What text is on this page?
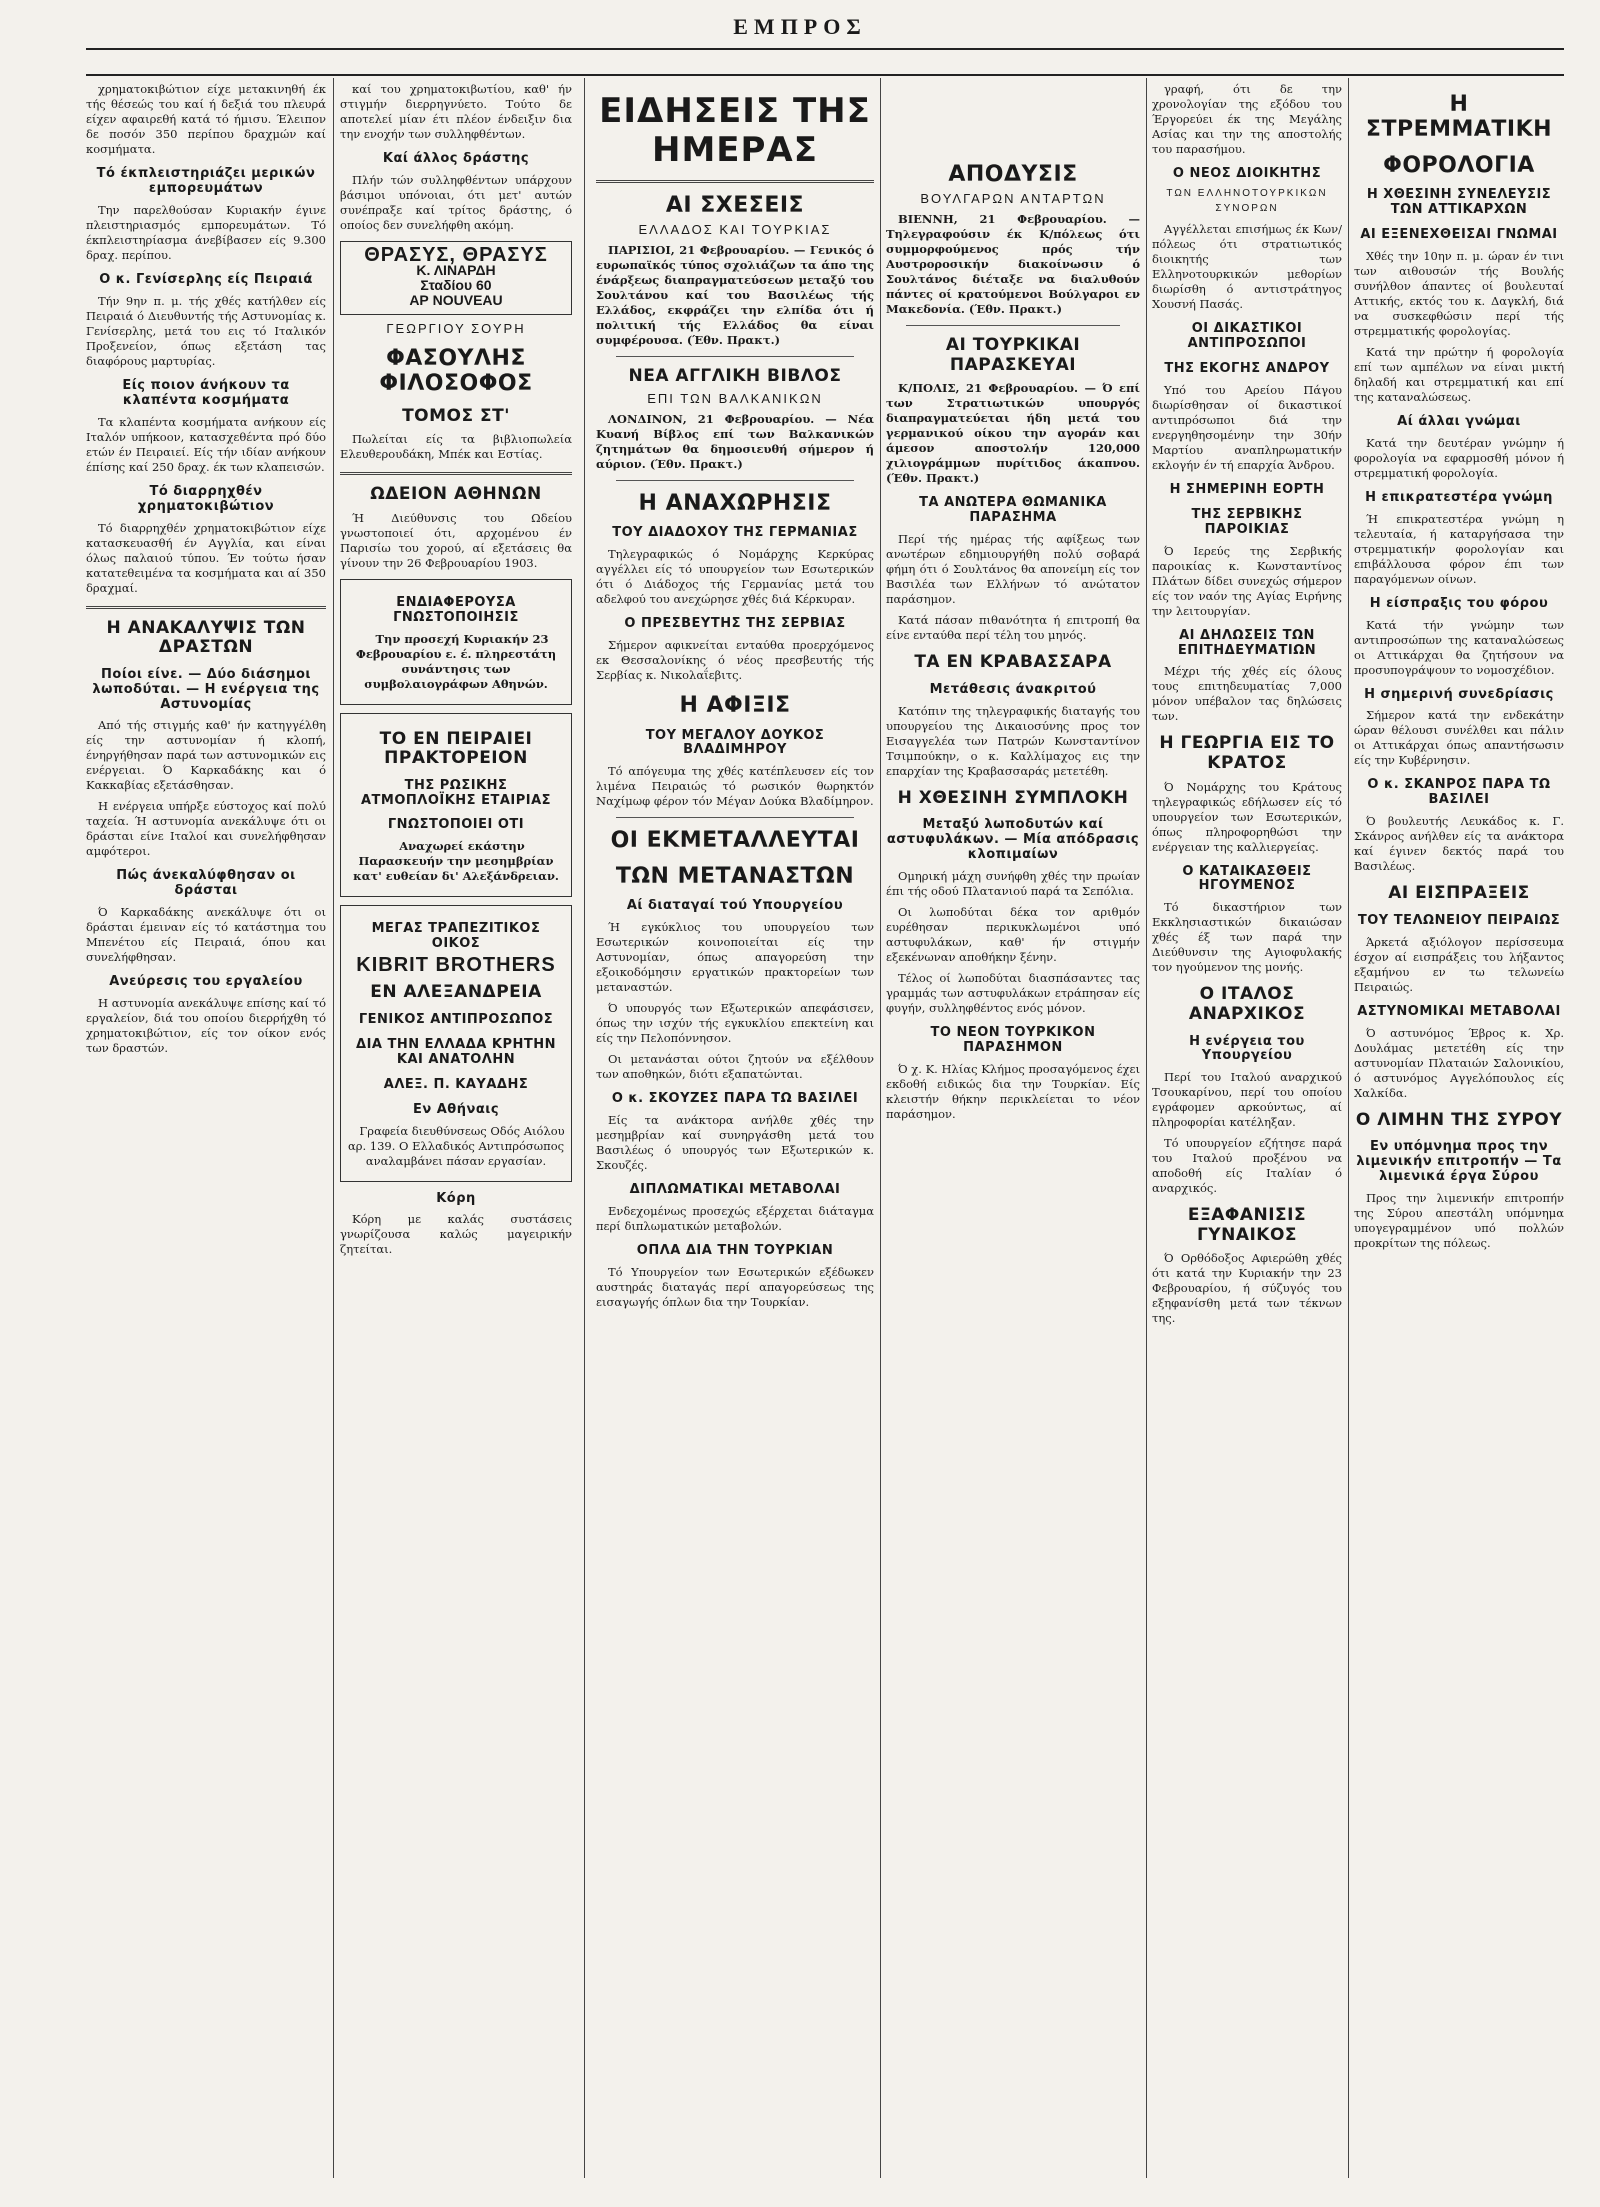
ΕΜΠΡΟΣ

χρηματοκιβώτιον είχε μετακινηθή έκ τής θέσεώς του καί ή δεξιά του πλευρά είχεν αφαιρεθή κατά τό ήμισυ. Έλειπον δε ποσόν 350 περίπου δραχμών καί κοσμήματα.

Τό έκπλειστηριάζει μερικών εμπορευμάτων

Την παρελθούσαν Κυριακήν έγινε πλειστηριασμός εμπορευμάτων. Τό έκπλειστηρίασμα άνεβίβασεν είς 9.300 δραχ. περίπου.

Ο κ. Γενίσερλης είς Πειραιά

Τήν 9ην π. μ. τής χθές κατήλθεν είς Πειραιά ό Διευθυντής τής Αστυνομίας κ. Γενίσερλης, μετά του εις τό Ιταλικόν Προξενείον, όπως εξετάση τας διαφόρους μαρτυρίας.

Είς ποιον άνήκουν τα κλαπέντα κοσμήματα

Τα κλαπέντα κοσμήματα ανήκουν είς Ιταλόν υπήκοον, κατασχεθέντα πρό δύο ετών έν Πειραιεί. Είς τήν ιδίαν ανήκουν έπίσης καί 250 δραχ. έκ των κλαπεισών.

Τό διαρρηχθέν χρηματοκιβώτιον

Τό διαρρηχθέν χρηματοκιβώτιον είχε κατασκευασθή έν Αγγλία, και είναι όλως παλαιού τύπου. Έν τούτω ήσαν κατατεθειμένα τα κοσμήματα και αί 350 δραχμαί.

Η ΑΝΑΚΑΛΥΨΙΣ ΤΩΝ ΔΡΑΣΤΩΝ
Ποίοι είνε. — Δύο διάσημοι λωποδύται. — Η ενέργεια της Αστυνομίας

Από τής στιγμής καθ' ήν κατηγγέλθη είς την αστυνομίαν ή κλοπή, ένηργήθησαν παρά των αστυνομικών εις ενέργειαι. Ό Καρκαδάκης και ό Κακκαβίας εξετάσθησαν.

Η ενέργεια υπήρξε εύστοχος καί πολύ ταχεία. Ή αστυνομία ανεκάλυψε ότι οι δράσται είνε Ιταλοί και συνελήφθησαν αμφότεροι.

Πώς άνεκαλύφθησαν οι δράσται

Ό Καρκαδάκης ανεκάλυψε ότι οι δράσται έμειναν είς τό κατάστημα του Μπενέτου είς Πειραιά, όπου και συνελήφθησαν.

Ανεύρεσις του εργαλείου

Η αστυνομία ανεκάλυψε επίσης καί τό εργαλείον, διά του οποίου διερρήχθη τό χρηματοκιβώτιον, είς τον οίκον ενός των δραστών.

καί του χρηματοκιβωτίου, καθ' ήν στιγμήν διερρηγνύετο. Τούτο δε αποτελεί μίαν έτι πλέον ένδειξιν δια την ενοχήν των συλληφθέντων.

Καί άλλος δράστης

Πλήν τών συλληφθέντων υπάρχουν βάσιμοι υπόνοιαι, ότι μετ' αυτών συνέπραξε καί τρίτος δράστης, ό οποίος δεν συνελήφθη ακόμη.

ΘΡΑΣΥΣ, ΘΡΑΣΥΣ
Κ. ΛΙΝΑΡΔΗ
Σταδίου 60
ΑΡ NOUVEAU
ΓΕΩΡΓΙΟΥ ΣΟΥΡΗ
ΦΑΣΟΥΛΗΣ ΦΙΛΟΣΟΦΟΣ
ΤΟΜΟΣ ΣΤ'

Πωλείται είς τα βιβλιοπωλεία Ελευθερουδάκη, Μπέκ και Εστίας.

ΩΔΕΙΟΝ ΑΘΗΝΩΝ

Ή Διεύθυνσις του Ωδείου γνωστοποιεί ότι, αρχομένου έν Παρισίω του χορού, αί εξετάσεις θα γίνουν την 26 Φεβρουαρίου 1903.

ΕΝΔΙΑΦΕΡΟΥΣΑ ΓΝΩΣΤΟΠΟΙΗΣΙΣ

Την προσεχή Κυριακήν 23 Φεβρουαρίου ε. έ. πληρεστάτη συνάντησις των συμβολαιογράφων Αθηνών.

ΤΟ ΕΝ ΠΕΙΡΑΙΕΙ ΠΡΑΚΤΟΡΕΙΟΝ
ΤΗΣ ΡΩΣΙΚΗΣ ΑΤΜΟΠΛΟΪΚΗΣ ΕΤΑΙΡΙΑΣ
ΓΝΩΣΤΟΠΟΙΕΙ ΟΤΙ

Αναχωρεί εκάστην Παρασκευήν την μεσημβρίαν κατ' ευθείαν δι' Αλεξάνδρειαν.

ΜΕΓΑΣ ΤΡΑΠΕΖΙΤΙΚΟΣ ΟΙΚΟΣ
KIBRIT BROTHERS
ΕΝ ΑΛΕΞΑΝΔΡΕΙΑ
ΓΕΝΙΚΟΣ ΑΝΤΙΠΡΟΣΩΠΟΣ
ΔΙΑ ΤΗΝ ΕΛΛΑΔΑ ΚΡΗΤΗΝ ΚΑΙ ΑΝΑΤΟΛΗΝ
ΑΛΕΞ. Π. ΚΑΥΑΔΗΣ
Εν Αθήναις

Γραφεία διευθύνσεως Οδός Αιόλου αρ. 139. Ο Ελλαδικός Αντιπρόσωπος αναλαμβάνει πάσαν εργασίαν.

Κόρη

Κόρη με καλάς συστάσεις γνωρίζουσα καλώς μαγειρικήν ζητείται.

ΕΙΔΗΣΕΙΣ ΤΗΣ ΗΜΕΡΑΣ
ΑΙ ΣΧΕΣΕΙΣ
ΕΛΛΑΔΟΣ ΚΑΙ ΤΟΥΡΚΙΑΣ

ΠΑΡΙΣΙΟΙ, 21 Φεβρουαρίου. — Γενικός ό ευρωπαϊκός τύπος σχολιάζων τα άπο της ένάρξεως διαπραγματεύσεων μεταξύ του Σουλτάνου καί του Βασιλέως τής Ελλάδος, εκφράζει την ελπίδα ότι ή πολιτική τής Ελλάδος θα είναι συμφέρουσα. (Έθν. Πρακτ.)

ΝΕΑ ΑΓΓΛΙΚΗ ΒΙΒΛΟΣ
ΕΠΙ ΤΩΝ ΒΑΛΚΑΝΙΚΩΝ

ΛΟΝΔΙΝΟΝ, 21 Φεβρουαρίου. — Νέα Κυανή Βίβλος επί των Βαλκανικών ζητημάτων θα δημοσιευθή σήμερον ή αύριον. (Έθν. Πρακτ.)

Η ΑΝΑΧΩΡΗΣΙΣ
ΤΟΥ ΔΙΑΔΟΧΟΥ ΤΗΣ ΓΕΡΜΑΝΙΑΣ

Τηλεγραφικώς ό Νομάρχης Κερκύρας αγγέλλει είς τό υπουργείον των Εσωτερικών ότι ό Διάδοχος τής Γερμανίας μετά του αδελφού του ανεχώρησε χθές διά Κέρκυραν.

Ο ΠΡΕΣΒΕΥΤΗΣ ΤΗΣ ΣΕΡΒΙΑΣ

Σήμερον αφικνείται ενταύθα προερχόμενος εκ Θεσσαλονίκης ό νέος πρεσβευτής τής Σερβίας κ. Νικολαΐεβιτς.

Η ΑΦΙΞΙΣ
ΤΟΥ ΜΕΓΑΛΟΥ ΔΟΥΚΟΣ ΒΛΑΔΙΜΗΡΟΥ

Τό απόγευμα της χθές κατέπλευσεν είς τον λιμένα Πειραιώς τό ρωσικόν θωρηκτόν Ναχίμωφ φέρον τόν Μέγαν Δούκα Βλαδίμηρον.

ΟΙ ΕΚΜΕΤΑΛΛΕΥΤΑΙ
ΤΩΝ ΜΕΤΑΝΑΣΤΩΝ
Αί διαταγαί τού Υπουργείου

Ή εγκύκλιος του υπουργείου των Εσωτερικών κοινοποιείται είς την Αστυνομίαν, όπως απαγορεύση την εξοικοδόμησιν εργατικών πρακτορείων των μεταναστών.

Ό υπουργός των Εξωτερικών απεφάσισεν, όπως την ισχύν τής εγκυκλίου επεκτείνη και είς την Πελοπόννησον.

Οι μετανάσται ούτοι ζητούν να εξέλθουν των αποθηκών, διότι εξαπατώνται.

Ο κ. ΣΚΟΥΖΕΣ ΠΑΡΑ ΤΩ ΒΑΣΙΛΕΙ

Είς τα ανάκτορα ανήλθε χθές την μεσημβρίαν καί συνηργάσθη μετά του Βασιλέως ό υπουργός των Εξωτερικών κ. Σκουζές.

ΔΙΠΛΩΜΑΤΙΚΑΙ ΜΕΤΑΒΟΛΑΙ

Ενδεχομένως προσεχώς εξέρχεται διάταγμα περί διπλωματικών μεταβολών.

ΟΠΛΑ ΔΙΑ ΤΗΝ ΤΟΥΡΚΙΑΝ

Τό Υπουργείον των Εσωτερικών εξέδωκεν αυστηράς διαταγάς περί απαγορεύσεως της εισαγωγής όπλων δια την Τουρκίαν.

ΑΠΟΔΥΣΙΣ
ΒΟΥΛΓΑΡΩΝ ΑΝΤΑΡΤΩΝ

ΒΙΕΝΝΗ, 21 Φεβρουαρίου. — Τηλεγραφούσιν έκ Κ/πόλεως ότι συμμορφούμενος πρός τήν Αυστροροσικήν διακοίνωσιν ό Σουλτάνος διέταξε να διαλυθούν πάντες οί κρατούμενοι Βούλγαροι εν Μακεδονία. (Έθν. Πρακτ.)

ΑΙ ΤΟΥΡΚΙΚΑΙ ΠΑΡΑΣΚΕΥΑΙ

Κ/ΠΟΛΙΣ, 21 Φεβρουαρίου. — Ό επί των Στρατιωτικών υπουργός διαπραγματεύεται ήδη μετά του γερμανικού οίκου την αγοράν και άμεσον αποστολήν 120,000 χιλιογράμμων πυρίτιδος άκαπνου. (Έθν. Πρακτ.)

ΤΑ ΑΝΩΤΕΡΑ ΘΩΜΑΝΙΚΑ ΠΑΡΑΣΗΜΑ

Περί τής ημέρας τής αφίξεως των ανωτέρων εδημιουργήθη πολύ σοβαρά φήμη ότι ό Σουλτάνος θα απονείμη είς τον Βασιλέα των Ελλήνων τό ανώτατον παράσημον.

Κατά πάσαν πιθανότητα ή επιτροπή θα είνε ενταύθα περί τέλη του μηνός.

ΤΑ ΕΝ ΚΡΑΒΑΣΣΑΡΑ
Μετάθεσις άνακριτού

Κατόπιν της τηλεγραφικής διαταγής του υπουργείου της Δικαιοσύνης προς τον Εισαγγελέα των Πατρών Κωνσταντίνον Τσιμπούκην, ο κ. Καλλίμαχος εις την επαρχίαν της Κραβασσαράς μετετέθη.

Η ΧΘΕΣΙΝΗ ΣΥΜΠΛΟΚΗ
Μεταξύ λωποδυτών καί αστυφυλάκων. — Μία απόδρασις κλοπιμαίων

Ομηρική μάχη συνήφθη χθές την πρωίαν έπι τής οδού Πλατανιού παρά τα Σεπόλια.

Οι λωποδύται δέκα τον αριθμόν ευρέθησαν περικυκλωμένοι υπό αστυφυλάκων, καθ' ήν στιγμήν εξεκένωναν αποθήκην ξένην.

Τέλος οί λωποδύται διασπάσαντες τας γραμμάς των αστυφυλάκων ετράπησαν είς φυγήν, συλληφθέντος ενός μόνον.

ΤΟ ΝΕΟΝ ΤΟΥΡΚΙΚΟΝ ΠΑΡΑΣΗΜΟΝ

Ό χ. Κ. Ηλίας Κλήμος προσαγόμενος έχει εκδοθή ειδικώς δια την Τουρκίαν. Είς κλειστήν θήκην περικλείεται το νέον παράσημον.

γραφή, ότι δε την χρονολογίαν της εξόδου του Έργορεύει έκ της Μεγάλης Ασίας και την της αποστολής του παρασήμου.

Ο ΝΕΟΣ ΔΙΟΙΚΗΤΗΣ
ΤΩΝ ΕΛΛΗΝΟΤΟΥΡΚΙΚΩΝ ΣΥΝΟΡΩΝ

Αγγέλλεται επισήμως έκ Κων/πόλεως ότι στρατιωτικός διοικητής των Ελληνοτουρκικών μεθορίων διωρίσθη ό αντιστράτηγος Χουσνή Πασάς.

ΟΙ ΔΙΚΑΣΤΙΚΟΙ ΑΝΤΙΠΡΟΣΩΠΟΙ
ΤΗΣ ΕΚΟΓΗΣ ΑΝΔΡΟΥ

Υπό του Αρείου Πάγου διωρίσθησαν οί δικαστικοί αντιπρόσωποι διά την ενεργηθησομένην την 30ήν Μαρτίου αναπληρωματικήν εκλογήν έν τή επαρχία Άνδρου.

Η ΣΗΜΕΡΙΝΗ ΕΟΡΤΗ
ΤΗΣ ΣΕΡΒΙΚΗΣ ΠΑΡΟΙΚΙΑΣ

Ό Ιερεύς της Σερβικής παροικίας κ. Κωνσταντίνος Πλάτων δίδει συνεχώς σήμερον είς τον ναόν της Αγίας Ειρήνης την λειτουργίαν.

ΑΙ ΔΗΛΩΣΕΙΣ ΤΩΝ ΕΠΙΤΗΔΕΥΜΑΤΙΩΝ

Μέχρι τής χθές είς όλους τους επιτηδευματίας 7,000 μόνον υπέβαλον τας δηλώσεις των.

Η ΓΕΩΡΓΙΑ ΕΙΣ ΤΟ ΚΡΑΤΟΣ

Ό Νομάρχης του Κράτους τηλεγραφικώς εδήλωσεν είς τό υπουργείον των Εσωτερικών, όπως πληροφορηθώσι την ενέργειαν της καλλιεργείας.

Ο ΚΑΤΑΙΚΑΣΘΕΙΣ ΗΓΟΥΜΕΝΟΣ

Τό δικαστήριον των Εκκλησιαστικών δικαιώσαν χθές έξ των παρά την Διεύθυνσιν της Αγιοφυλακής τον ηγούμενον της μονής.

Ο ΙΤΑΛΟΣ ΑΝΑΡΧΙΚΟΣ
Η ενέργεια του Υπουργείου

Περί του Ιταλού αναρχικού Τσουκαρίνου, περί του οποίου εγράφομεν αρκούντως, αί πληροφορίαι κατέληξαν.

Τό υπουργείον εζήτησε παρά του Ιταλού προξένου να αποδοθή είς Ιταλίαν ό αναρχικός.

ΕΞΑΦΑΝΙΣΙΣ ΓΥΝΑΙΚΟΣ

Ό Ορθόδοξος Αφιερώθη χθές ότι κατά την Κυριακήν την 23 Φεβρουαρίου, ή σύζυγός του εξηφανίσθη μετά των τέκνων της.

Η ΣΤΡΕΜΜΑΤΙΚΗ
ΦΟΡΟΛΟΓΙΑ
Η ΧΘΕΣΙΝΗ ΣΥΝΕΛΕΥΣΙΣ ΤΩΝ ΑΤΤΙΚΑΡΧΩΝ
ΑΙ ΕΞΕΝΕΧΘΕΙΣΑΙ ΓΝΩΜΑΙ

Χθές την 10ην π. μ. ώραν έν τινι των αιθουσών τής Βουλής συνήλθον άπαντες οί βουλευταί Αττικής, εκτός του κ. Δαγκλή, διά να συσκεφθώσιν περί τής στρεμματικής φορολογίας.

Κατά την πρώτην ή φορολογία επί των αμπέλων να είναι μικτή δηλαδή και στρεμματική και επί της καταναλώσεως.

Αί άλλαι γνώμαι

Κατά την δευτέραν γνώμην ή φορολογία να εφαρμοσθή μόνον ή στρεμματική φορολογία.

Η επικρατεστέρα γνώμη

Ή επικρατεστέρα γνώμη η τελευταία, ή καταργήσασα την στρεμματικήν φορολογίαν και επιβάλλουσα φόρον έπι των παραγόμενων οίνων.

Η είσπραξις του φόρου

Κατά τήν γνώμην των αντιπροσώπων της καταναλώσεως οι Αττικάρχαι θα ζητήσουν να προσυπογράψουν το νομοσχέδιον.

Η σημερινή συνεδρίασις

Σήμερον κατά την ενδεκάτην ώραν θέλουσι συνέλθει και πάλιν οι Αττικάρχαι όπως απαντήσωσιν είς την Κυβέρνησιν.

Ο κ. ΣΚΑΝΡΟΣ ΠΑΡΑ ΤΩ ΒΑΣΙΛΕΙ

Ό βουλευτής Λευκάδος κ. Γ. Σκάνρος ανήλθεν είς τα ανάκτορα καί έγινεν δεκτός παρά του Βασιλέως.

ΑΙ ΕΙΣΠΡΑΞΕΙΣ
ΤΟΥ ΤΕΛΩΝΕΙΟΥ ΠΕΙΡΑΙΩΣ

Άρκετά αξιόλογον περίσσευμα έσχον αί εισπράξεις του λήξαντος εξαμήνου εν τω τελωνείω Πειραιώς.

ΑΣΤΥΝΟΜΙΚΑΙ ΜΕΤΑΒΟΛΑΙ

Ό αστυνόμος Έβρος κ. Χρ. Δουλάμας μετετέθη είς την αστυνομίαν Πλαταιών Σαλονικίου, ό αστυνόμος Αγγελόπουλος είς Χαλκίδα.

Ο ΛΙΜΗΝ ΤΗΣ ΣΥΡΟΥ
Εν υπόμνημα προς την λιμενικήν επιτροπήν — Τα λιμενικά έργα Σύρου

Προς την λιμενικήν επιτροπήν της Σύρου απεστάλη υπόμνημα υπογεγραμμένον υπό πολλών προκρίτων της πόλεως.
